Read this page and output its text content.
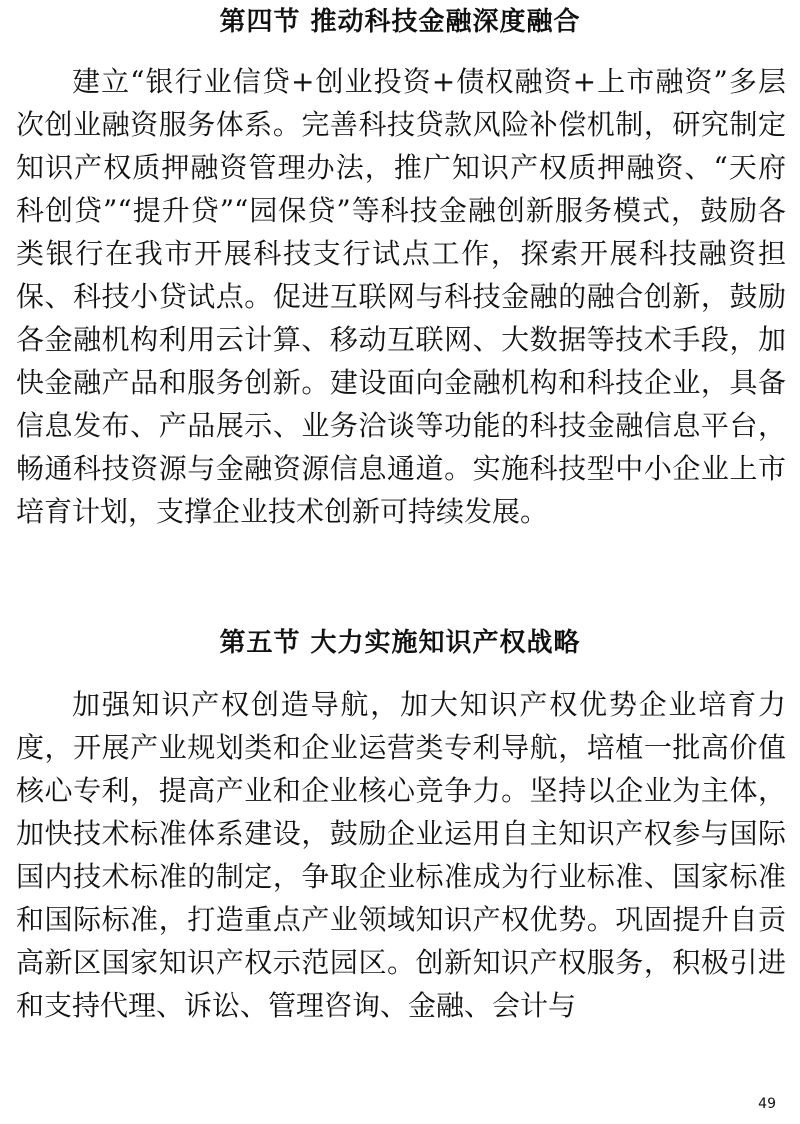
第四节 推动科技金融深度融合

建立“银行业信贷+创业投资+债权融资+上市融资”多层次创业融资服务体系。完善科技贷款风险补偿机制，研究制定知识产权质押融资管理办法，推广知识产权质押融资、“天府科创贷”“提升贷”“园保贷”等科技金融创新服务模式，鼓励各类银行在我市开展科技支行试点工作，探索开展科技融资担保、科技小贷试点。促进互联网与科技金融的融合创新，鼓励各金融机构利用云计算、移动互联网、大数据等技术手段，加快金融产品和服务创新。建设面向金融机构和科技企业，具备信息发布、产品展示、业务洽谈等功能的科技金融信息平台，畅通科技资源与金融资源信息通道。实施科技型中小企业上市培育计划，支撑企业技术创新可持续发展。

第五节 大力实施知识产权战略

加强知识产权创造导航，加大知识产权优势企业培育力度，开展产业规划类和企业运营类专利导航，培植一批高价值核心专利，提高产业和企业核心竞争力。坚持以企业为主体，加快技术标准体系建设，鼓励企业运用自主知识产权参与国际国内技术标准的制定，争取企业标准成为行业标准、国家标准和国际标准，打造重点产业领域知识产权优势。巩固提升自贡高新区国家知识产权示范园区。创新知识产权服务，积极引进和支持代理、诉讼、管理咨询、金融、会计与

49
